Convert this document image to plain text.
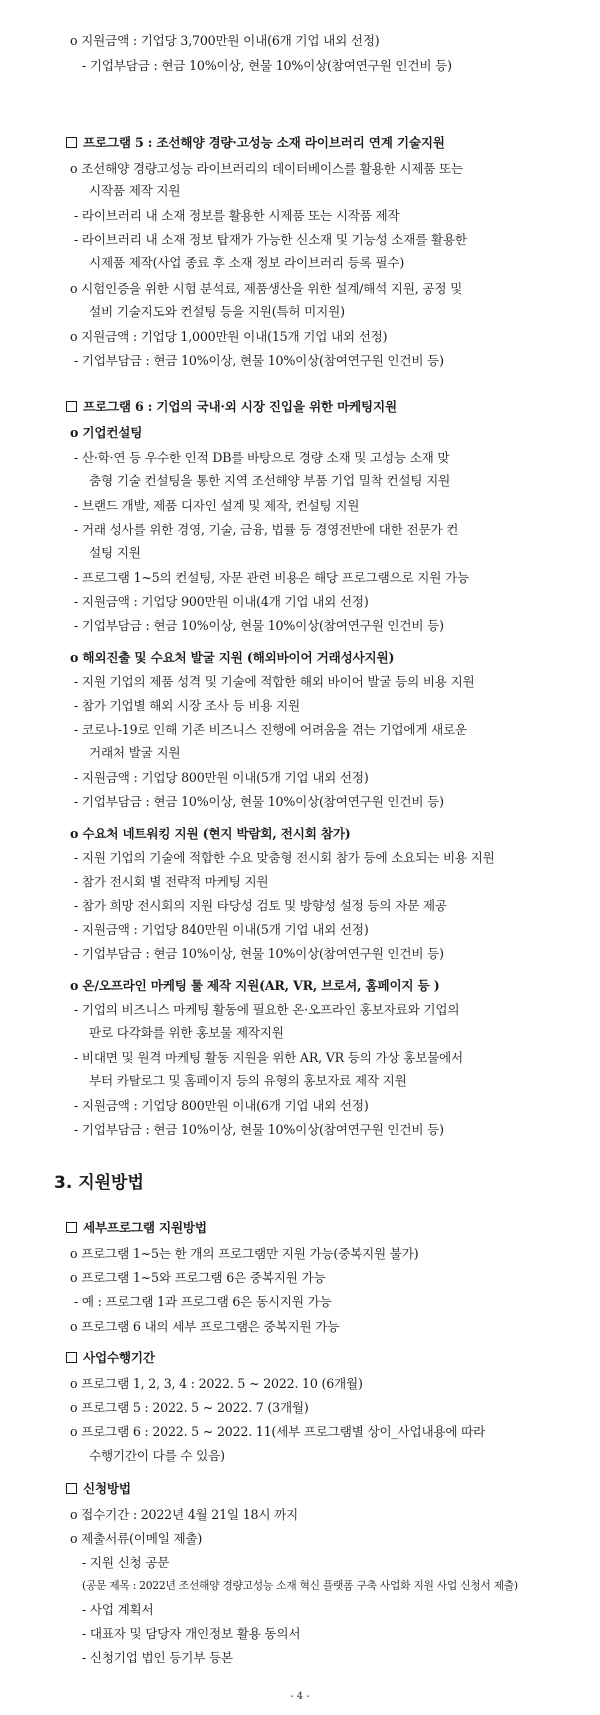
o 지원금액 : 기업당 3,700만원 이내(6개 기업 내외 선정)
- 기업부담금 : 현금 10%이상, 현물 10%이상(참여연구원 인건비 등)
프로그램 5 : 조선해양 경량·고성능 소재 라이브러리 연계 기술지원
o 조선해양 경량고성능 라이브러리의 데이터베이스를 활용한 시제품 또는
시작품 제작 지원
- 라이브러리 내 소재 정보를 활용한 시제품 또는 시작품 제작
- 라이브러리 내 소재 정보 탑재가 가능한 신소재 및 기능성 소재를 활용한
시제품 제작(사업 종료 후 소재 정보 라이브러리 등록 필수)
o 시험인증을 위한 시험 분석료, 제품생산을 위한 설계/해석 지원, 공정 및
설비 기술지도와 컨설팅 등을 지원(특허 미지원)
o 지원금액 : 기업당 1,000만원 이내(15개 기업 내외 선정)
- 기업부담금 : 현금 10%이상, 현물 10%이상(참여연구원 인건비 등)
프로그램 6 : 기업의 국내·외 시장 진입을 위한 마케팅지원
o 기업컨설팅
- 산·학·연 등 우수한 인적 DB를 바탕으로 경량 소재 및 고성능 소재 맞
춤형 기술 컨설팅을 통한 지역 조선해양 부품 기업 밀착 컨설팅 지원
- 브랜드 개발, 제품 디자인 설계 및 제작, 컨설팅 지원
- 거래 성사를 위한 경영, 기술, 금융, 법률 등 경영전반에 대한 전문가 컨
설팅 지원
- 프로그램 1~5의 컨설팅, 자문 관련 비용은 해당 프로그램으로 지원 가능
- 지원금액 : 기업당 900만원 이내(4개 기업 내외 선정)
- 기업부담금 : 현금 10%이상, 현물 10%이상(참여연구원 인건비 등)
o 해외진출 및 수요처 발굴 지원 (해외바이어 거래성사지원)
- 지원 기업의 제품 성격 및 기술에 적합한 해외 바이어 발굴 등의 비용 지원
- 참가 기업별 해외 시장 조사 등 비용 지원
- 코로나-19로 인해 기존 비즈니스 진행에 어려움을 겪는 기업에게 새로운
거래처 발굴 지원
- 지원금액 : 기업당 800만원 이내(5개 기업 내외 선정)
- 기업부담금 : 현금 10%이상, 현물 10%이상(참여연구원 인건비 등)
o 수요처 네트워킹 지원 (현지 박람회, 전시회 참가)
- 지원 기업의 기술에 적합한 수요 맞춤형 전시회 참가 등에 소요되는 비용 지원
- 참가 전시회 별 전략적 마케팅 지원
- 참가 희망 전시회의 지원 타당성 검토 및 방향성 설정 등의 자문 제공
- 지원금액 : 기업당 840만원 이내(5개 기업 내외 선정)
- 기업부담금 : 현금 10%이상, 현물 10%이상(참여연구원 인건비 등)
o 온/오프라인 마케팅 툴 제작 지원(AR, VR, 브로셔, 홈페이지 등 )
- 기업의 비즈니스 마케팅 활동에 필요한 온·오프라인 홍보자료와 기업의
판로 다각화를 위한 홍보물 제작지원
- 비대면 및 원격 마케팅 활동 지원을 위한 AR, VR 등의 가상 홍보물에서
부터 카탈로그 및 홈페이지 등의 유형의 홍보자료 제작 지원
- 지원금액 : 기업당 800만원 이내(6개 기업 내외 선정)
- 기업부담금 : 현금 10%이상, 현물 10%이상(참여연구원 인건비 등)
3. 지원방법
세부프로그램 지원방법
o 프로그램 1~5는 한 개의 프로그램만 지원 가능(중복지원 불가)
o 프로그램 1~5와 프로그램 6은 중복지원 가능
- 예 : 프로그램 1과 프로그램 6은 동시지원 가능
o 프로그램 6 내의 세부 프로그램은 중복지원 가능
사업수행기간
o 프로그램 1, 2, 3, 4 : 2022. 5 ~ 2022. 10 (6개월)
o 프로그램 5 : 2022. 5 ~ 2022. 7 (3개월)
o 프로그램 6 : 2022. 5 ~ 2022. 11(세부 프로그램별 상이_사업내용에 따라
수행기간이 다를 수 있음)
신청방법
o 접수기간 : 2022년 4월 21일 18시 까지
o 제출서류(이메일 제출)
- 지원 신청 공문
(공문 제목 : 2022년 조선해양 경량고성능 소재 혁신 플랫폼 구축 사업화 지원 사업 신청서 제출)
- 사업 계획서
- 대표자 및 담당자 개인정보 활용 동의서
- 신청기업 법인 등기부 등본
- 4 -
